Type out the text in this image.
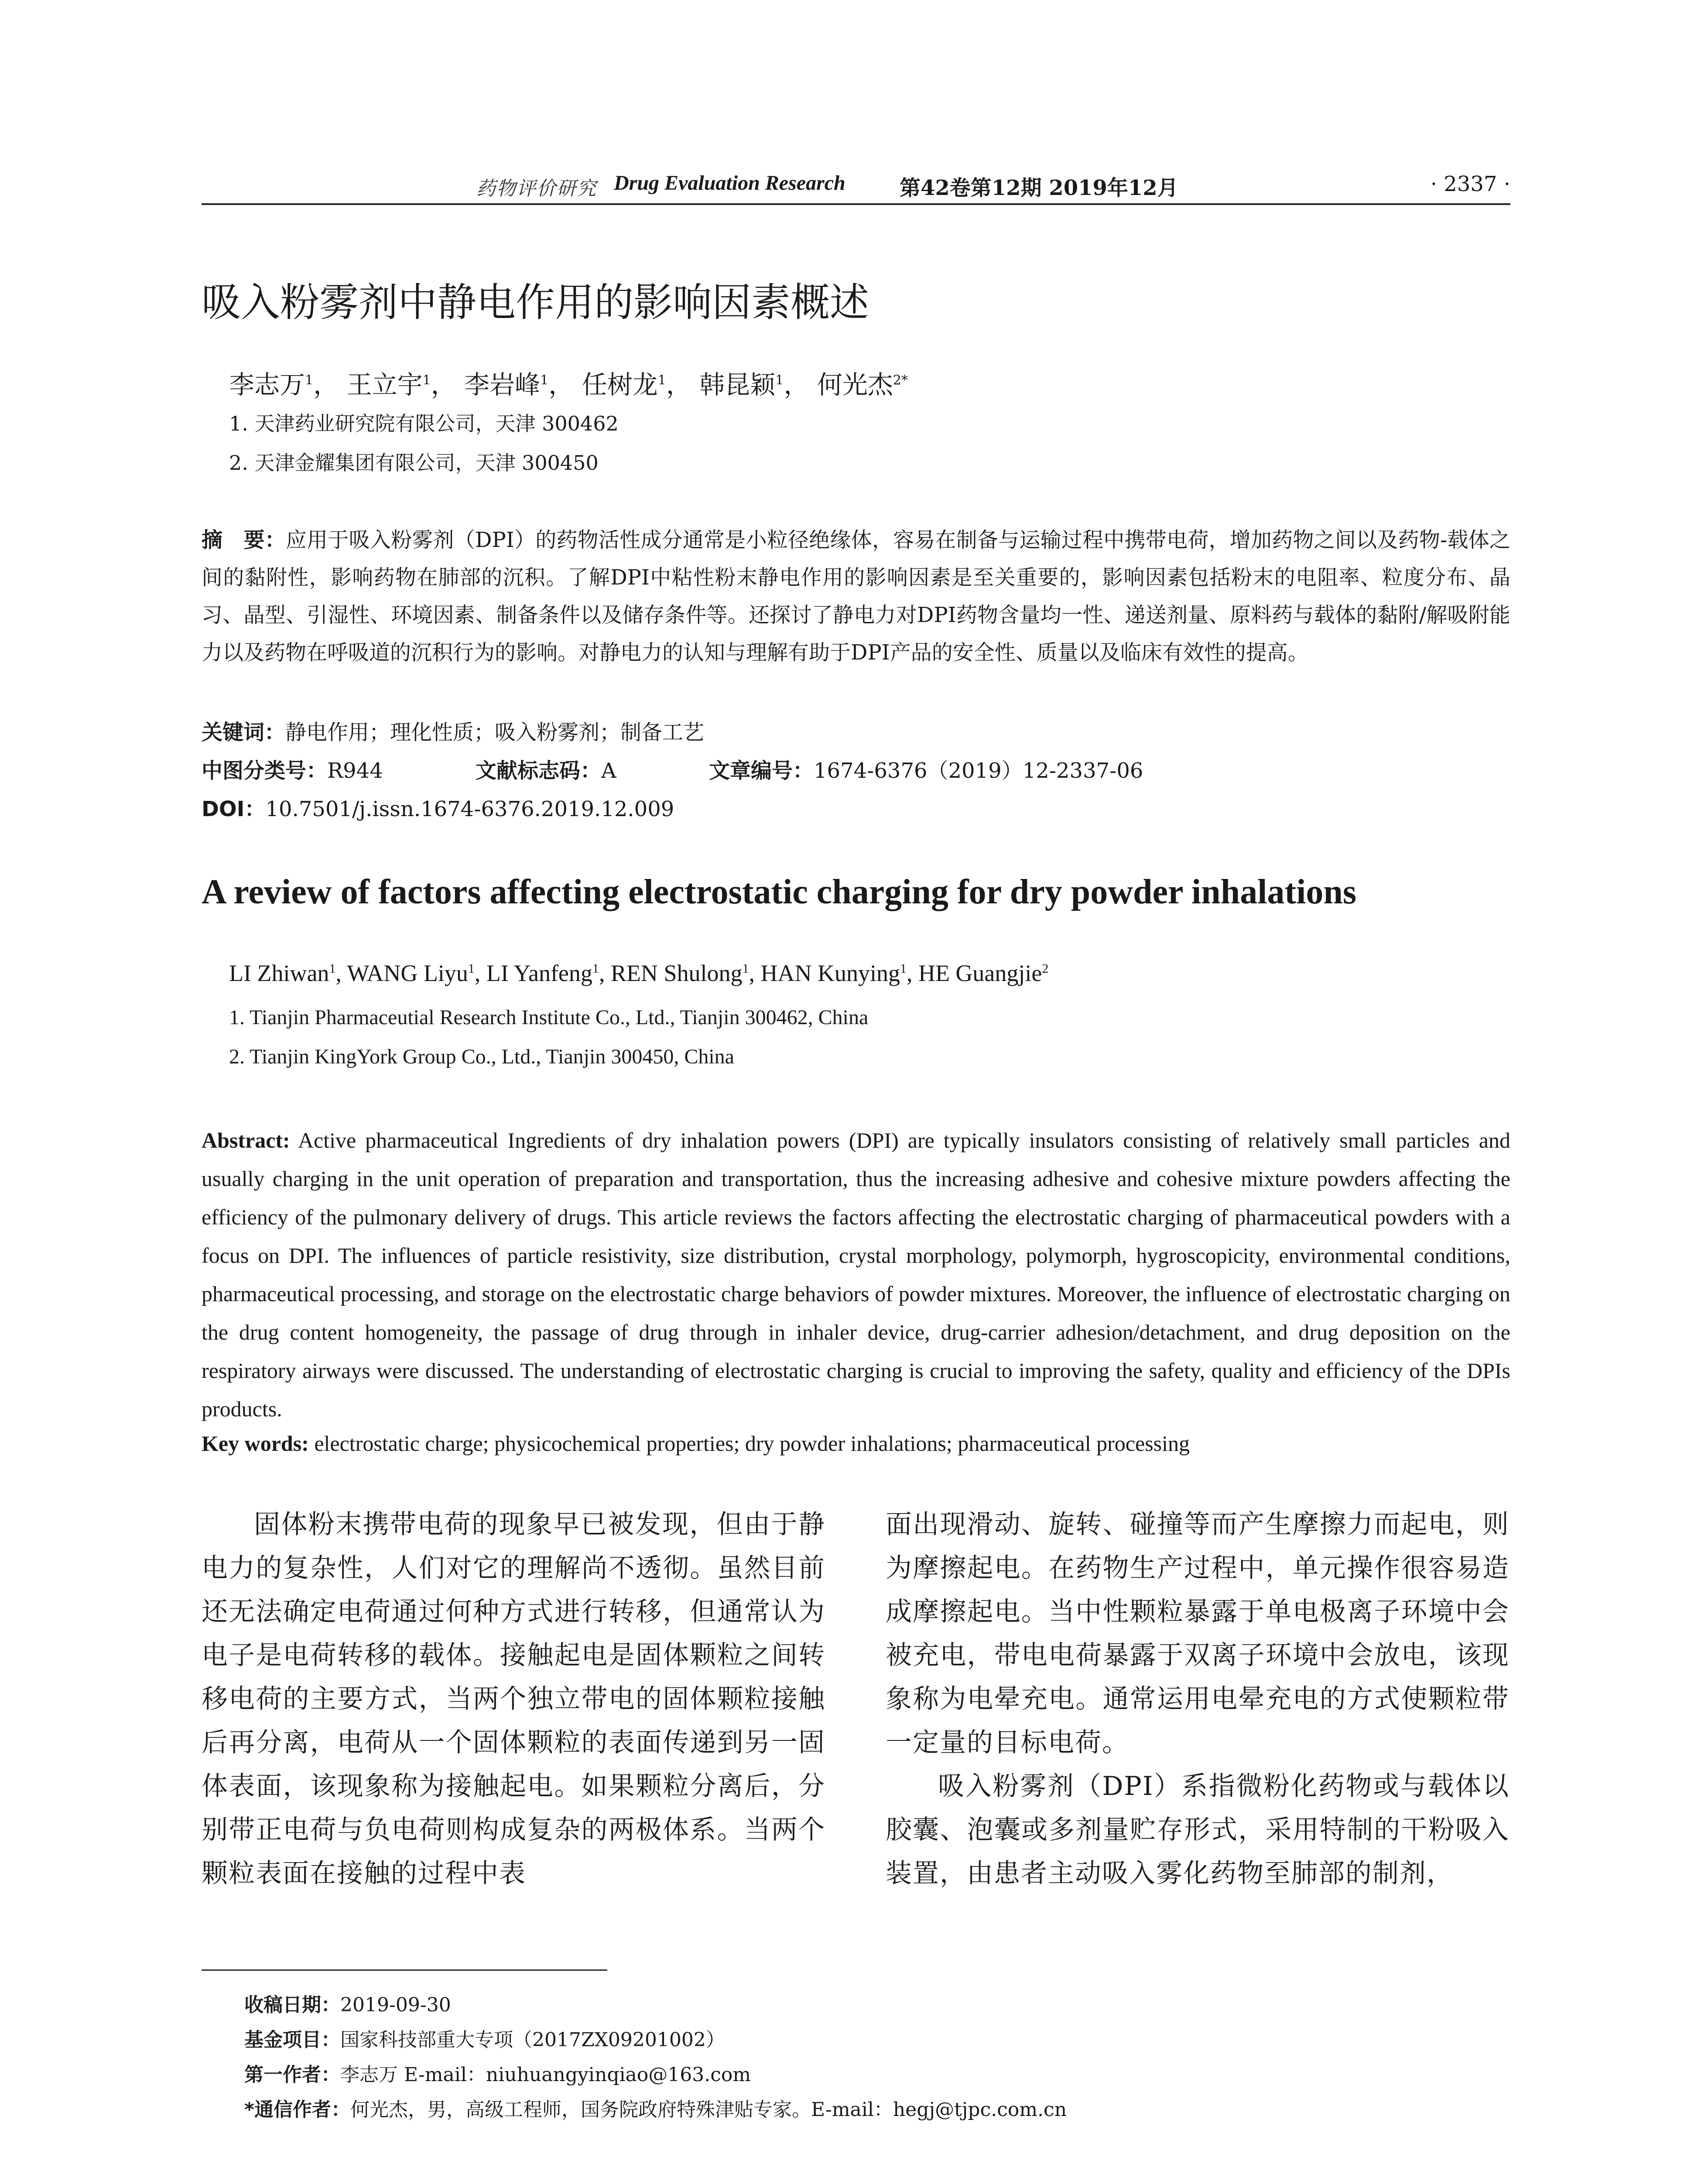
药物评价研究 Drug Evaluation Research	第42卷第12期 2019年12月	· 2337 ·
吸入粉雾剂中静电作用的影响因素概述
李志万$^1$， 王立宇$^1$， 李岩峰$^1$， 任树龙$^1$， 韩昆颖$^1$， 何光杰$^{2*}$
1. 天津药业研究院有限公司，天津 300462
2. 天津金耀集团有限公司，天津 300450
摘　要：应用于吸入粉雾剂（DPI）的药物活性成分通常是小粒径绝缘体，容易在制备与运输过程中携带电荷，增加药物之间以及药物-载体之间的黏附性，影响药物在肺部的沉积。了解DPI中粘性粉末静电作用的影响因素是至关重要的，影响因素包括粉末的电阻率、粒度分布、晶习、晶型、引湿性、环境因素、制备条件以及储存条件等。还探讨了静电力对DPI药物含量均一性、递送剂量、原料药与载体的黏附/解吸附能力以及药物在呼吸道的沉积行为的影响。对静电力的认知与理解有助于DPI产品的安全性、质量以及临床有效性的提高。
关键词：静电作用；理化性质；吸入粉雾剂；制备工艺
中图分类号：R944	文献标志码：A	文章编号：1674-6376（2019）12-2337-06
DOI：10.7501/j.issn.1674-6376.2019.12.009
A review of factors affecting electrostatic charging for dry powder inhalations
LI Zhiwan$^1$, WANG Liyu$^1$, LI Yanfeng$^1$, REN Shulong$^1$, HAN Kunying$^1$, HE Guangjie$^2$
1. Tianjin Pharmaceutial Research Institute Co., Ltd., Tianjin 300462, China
2. Tianjin KingYork Group Co., Ltd., Tianjin 300450, China
Abstract: Active pharmaceutical Ingredients of dry inhalation powers (DPI) are typically insulators consisting of relatively small particles and usually charging in the unit operation of preparation and transportation, thus the increasing adhesive and cohesive mixture powders affecting the efficiency of the pulmonary delivery of drugs. This article reviews the factors affecting the electrostatic charging of pharmaceutical powders with a focus on DPI. The influences of particle resistivity, size distribution, crystal morphology, polymorph, hygroscopicity, environmental conditions, pharmaceutical processing, and storage on the electrostatic charge behaviors of powder mixtures. Moreover, the influence of electrostatic charging on the drug content homogeneity, the passage of drug through in inhaler device, drug-carrier adhesion/detachment, and drug deposition on the respiratory airways were discussed. The understanding of electrostatic charging is crucial to improving the safety, quality and efficiency of the DPIs products.
Key words: electrostatic charge; physicochemical properties; dry powder inhalations; pharmaceutical processing

固体粉末携带电荷的现象早已被发现，但由于静电力的复杂性，人们对它的理解尚不透彻。虽然目前还无法确定电荷通过何种方式进行转移，但通常认为电子是电荷转移的载体。接触起电是固体颗粒之间转移电荷的主要方式，当两个独立带电的固体颗粒接触后再分离，电荷从一个固体颗粒的表面传递到另一固体表面，该现象称为接触起电。如果颗粒分离后，分别带正电荷与负电荷则构成复杂的两极体系。当两个颗粒表面在接触的过程中表

面出现滑动、旋转、碰撞等而产生摩擦力而起电，则为摩擦起电。在药物生产过程中，单元操作很容易造成摩擦起电。当中性颗粒暴露于单电极离子环境中会被充电，带电电荷暴露于双离子环境中会放电，该现象称为电晕充电。通常运用电晕充电的方式使颗粒带一定量的目标电荷。

吸入粉雾剂（DPI）系指微粉化药物或与载体以胶囊、泡囊或多剂量贮存形式，采用特制的干粉吸入装置，由患者主动吸入雾化药物至肺部的制剂，

收稿日期：2019-09-30
基金项目：国家科技部重大专项（2017ZX09201002）
第一作者：李志万 E-mail：niuhuangyinqiao@163.com
*通信作者：何光杰，男，高级工程师，国务院政府特殊津贴专家。E-mail：hegj@tjpc.com.cn
